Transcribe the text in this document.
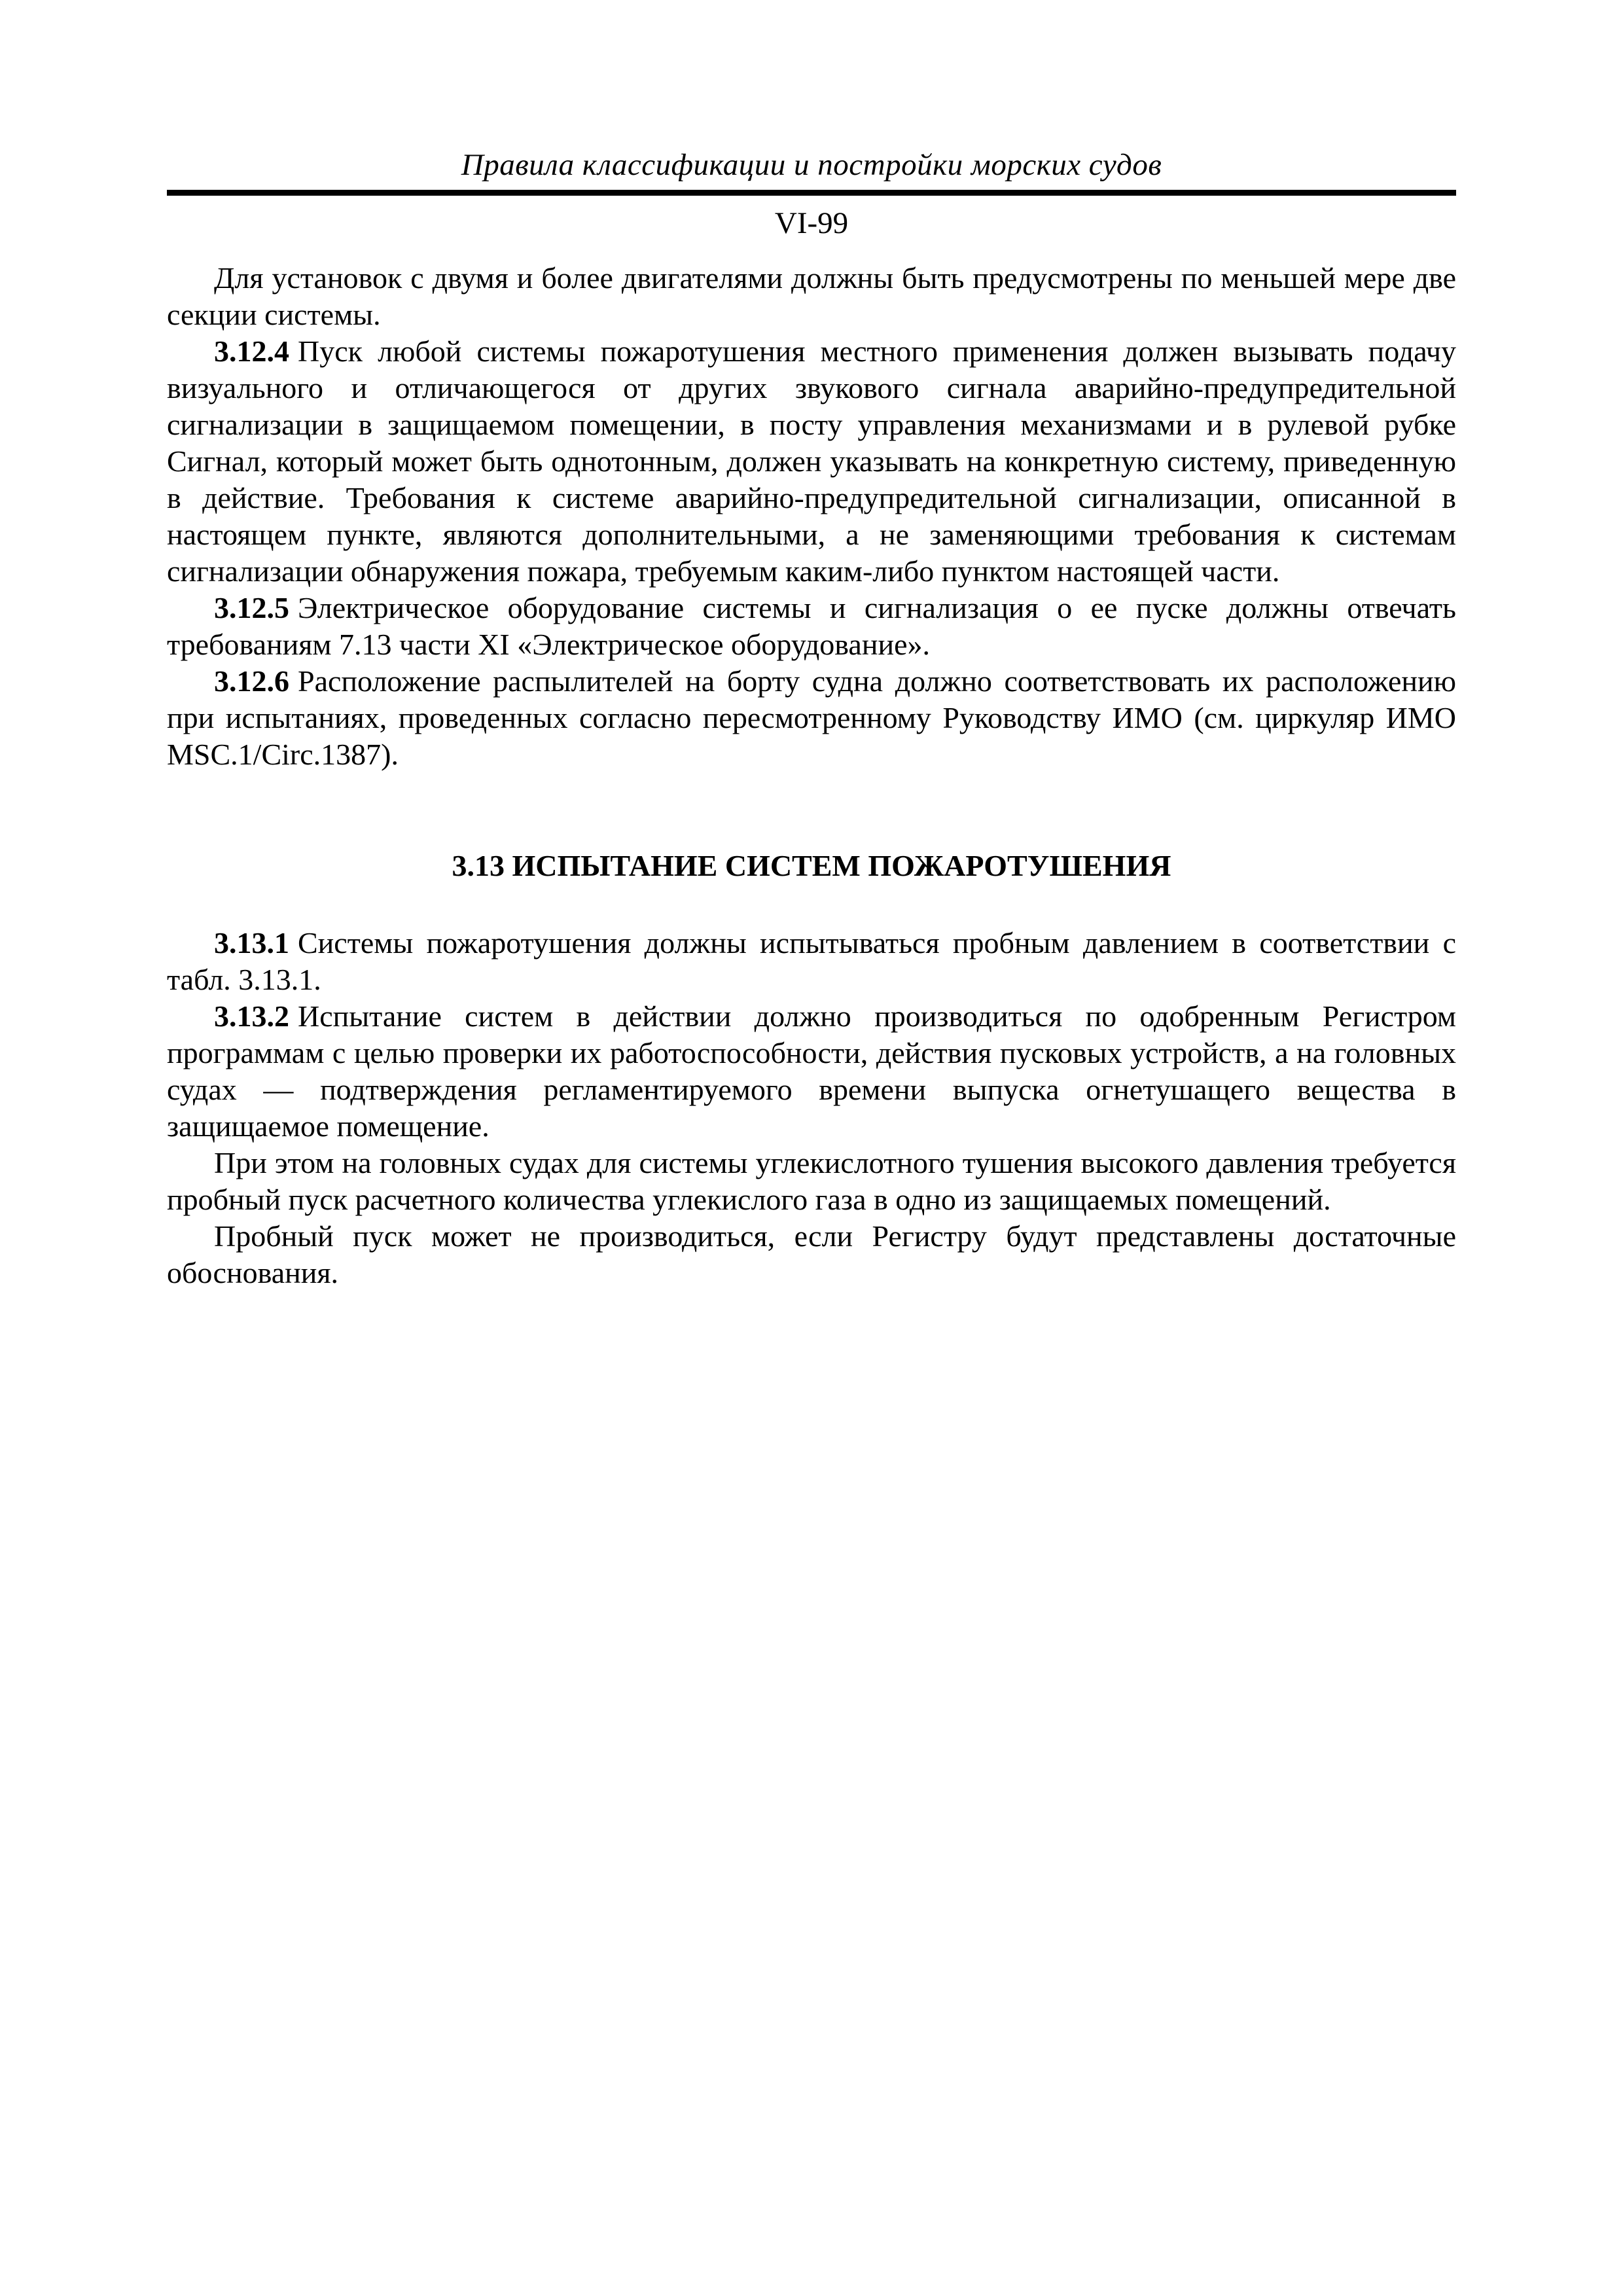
Правила классификации и постройки морских судов
VI-99

Для установок с двумя и более двигателями должны быть предусмотрены по меньшей мере две секции системы.

3.12.4 Пуск любой системы пожаротушения местного применения должен вызывать подачу визуального и отличающегося от других звукового сигнала аварийно-предупредительной сигнализации в защищаемом помещении, в посту управления механизмами и в рулевой рубке Сигнал, который может быть однотонным, должен указывать на конкретную систему, приведенную в действие. Требования к системе аварийно-предупредительной сигнализации, описанной в настоящем пункте, являются дополнительными, а не заменяющими требования к системам сигнализации обнаружения пожара, требуемым каким-либо пунктом настоящей части.

3.12.5 Электрическое оборудование системы и сигнализация о ее пуске должны отвечать требованиям 7.13 части XI «Электрическое оборудование».

3.12.6 Расположение распылителей на борту судна должно соответствовать их расположению при испытаниях, проведенных согласно пересмотренному Руководству ИМО (см. циркуляр ИМО MSC.1/Circ.1387).

3.13 ИСПЫТАНИЕ СИСТЕМ ПОЖАРОТУШЕНИЯ

3.13.1 Системы пожаротушения должны испытываться пробным давлением в соответствии с табл. 3.13.1.

3.13.2 Испытание систем в действии должно производиться по одобренным Регистром программам с целью проверки их работоспособности, действия пусковых устройств, а на головных судах — подтверждения регламентируемого времени выпуска огнетушащего вещества в защищаемое помещение.

При этом на головных судах для системы углекислотного тушения высокого давления требуется пробный пуск расчетного количества углекислого газа в одно из защищаемых помещений.

Пробный пуск может не производиться, если Регистру будут представлены достаточные обоснования.
